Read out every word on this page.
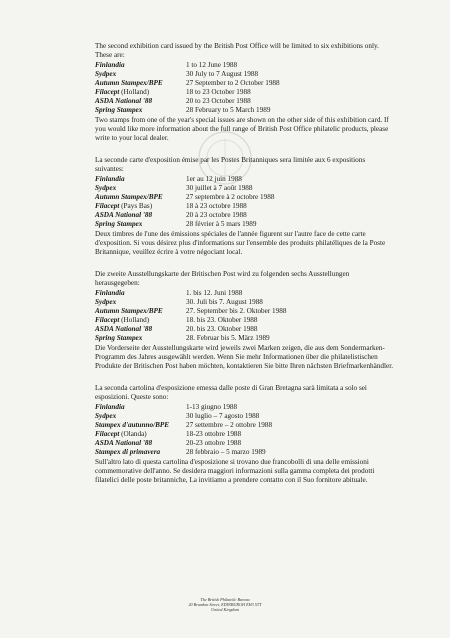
The second exhibition card issued by the British Post Office will be limited to six exhibitions only. These are:

Finlandia	1 to 12 June 1988
Sydpex	30 July to 7 August 1988
Autumn Stampex/BPE	27 September to 2 October 1988
Filacept (Holland)	18 to 23 October 1988
ASDA National '88	20 to 23 October 1988
Spring Stampex	28 February to 5 March 1989

Two stamps from one of the year's special issues are shown on the other side of this exhibition card. If you would like more information about the full range of British Post Office philatelic products, please write to your local dealer.

La seconde carte d'exposition émise par les Postes Britanniques sera limitée aux 6 expositions suivantes:

Finlandia	1er au 12 juin 1988
Sydpex	30 juillet à 7 août 1988
Autumn Stampex/BPE	27 septembre à 2 octobre 1988
Filacept (Pays Bas)	18 à 23 octobre 1988
ASDA National '88	20 à 23 octobre 1988
Spring Stampex	28 février à 5 mars 1989

Deux timbres de l'une des émissions spéciales de l'année figurent sur l'autre face de cette carte d'exposition. Si vous désirez plus d'informations sur l'ensemble des produits philatéliques de la Poste Britannique, veuillez écrire à votre négociant local.

Die zweite Ausstellungskarte der Britischen Post wird zu folgenden sechs Ausstellungen herausgegeben:

Finlandia	1. bis 12. Juni 1988
Sydpex	30. Juli bis 7. August 1988
Autumn Stampex/BPE	27. September bis 2. Oktober 1988
Filacept (Holland)	18. bis 23. Oktober 1988
ASDA National '88	20. bis 23. Oktober 1988
Spring Stampex	28. Februar bis 5. März 1989

Die Vorderseite der Ausstellungskarte wird jeweils zwei Marken zeigen, die aus dem Sondermarken-Programm des Jahres ausgewählt werden. Wenn Sie mehr Informationen über die philatelistischen Produkte der Britischen Post haben möchten, kontaktieren Sie bitte Ihren nächsten Briefmarkenhändler.

La seconda cartolina d'esposizione emessa dalle poste di Gran Bretagna sarà limitata a solo sei esposizioni. Queste sono:

Finlandia	1-13 giugno 1988
Sydpex	30 luglio – 7 agosto 1988
Stampex d'autunno/BPE	27 settembre – 2 ottobre 1988
Filacept (Olanda)	18-23 ottobre 1988
ASDA National '88	20-23 ottobre 1988
Stampex di primavera	28 febbraio – 5 marzo 1989

Sull'altro lato di questa cartolina d'esposizione si trovano due francobolli di una delle emissioni commemorative dell'anno. Se desidera maggiori informazioni sulla gamma completa dei prodotti filatelici delle poste britanniche, La invitiamo a prendere contatto con il Suo fornitore abituale.

The British Philatelic Bureau
20 Brandon Street, EDINBURGH EH3 5TT
United Kingdom
